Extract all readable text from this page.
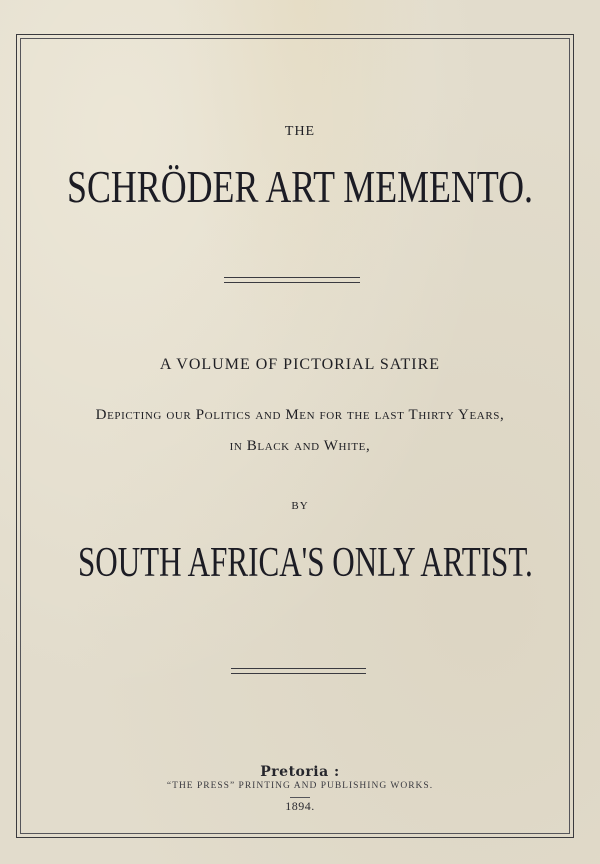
THE
SCHRÖDER ART MEMENTO.
A VOLUME OF PICTORIAL SATIRE
Depicting our Politics and Men for the last Thirty Years,
in Black and White,
BY
SOUTH AFRICA'S ONLY ARTIST.
Pretoria :
“THE PRESS” PRINTING AND PUBLISHING WORKS.
1894.
